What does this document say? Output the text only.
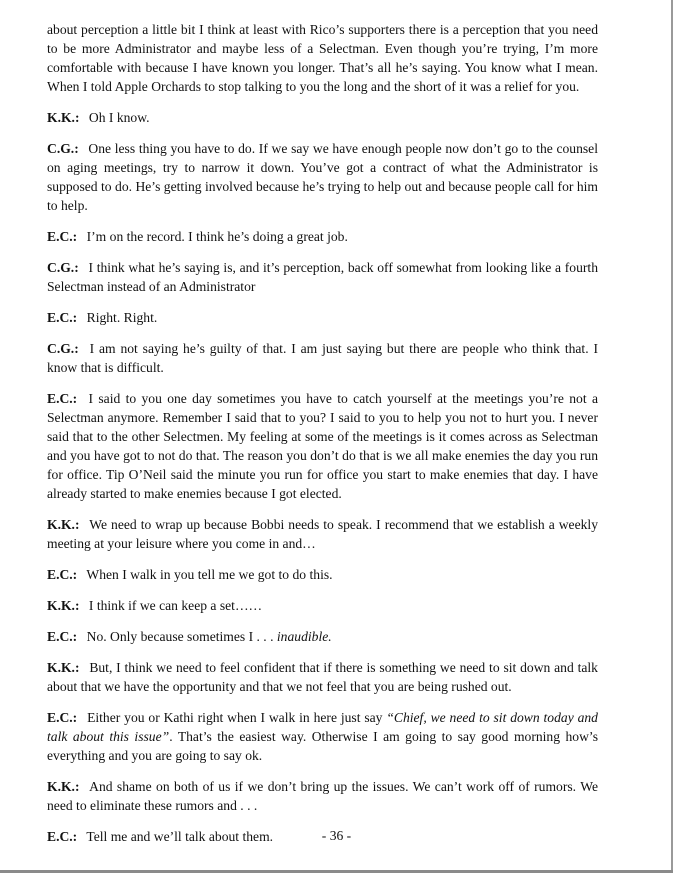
about perception a little bit I think at least with Rico’s supporters there is a perception that you need to be more Administrator and maybe less of a Selectman. Even though you’re trying, I’m more comfortable with because I have known you longer. That’s all he’s saying. You know what I mean. When I told Apple Orchards to stop talking to you the long and the short of it was a relief for you.

K.K.: Oh I know.

C.G.: One less thing you have to do. If we say we have enough people now don’t go to the counsel on aging meetings, try to narrow it down. You’ve got a contract of what the Administrator is supposed to do. He’s getting involved because he’s trying to help out and because people call for him to help.

E.C.: I’m on the record. I think he’s doing a great job.

C.G.: I think what he’s saying is, and it’s perception, back off somewhat from looking like a fourth Selectman instead of an Administrator

E.C.: Right. Right.

C.G.: I am not saying he’s guilty of that. I am just saying but there are people who think that. I know that is difficult.

E.C.: I said to you one day sometimes you have to catch yourself at the meetings you’re not a Selectman anymore. Remember I said that to you? I said to you to help you not to hurt you. I never said that to the other Selectmen. My feeling at some of the meetings is it comes across as Selectman and you have got to not do that. The reason you don’t do that is we all make enemies the day you run for office. Tip O’Neil said the minute you run for office you start to make enemies that day. I have already started to make enemies because I got elected.

K.K.: We need to wrap up because Bobbi needs to speak. I recommend that we establish a weekly meeting at your leisure where you come in and…

E.C.: When I walk in you tell me we got to do this.

K.K.: I think if we can keep a set……

E.C.: No. Only because sometimes I . . . inaudible.

K.K.: But, I think we need to feel confident that if there is something we need to sit down and talk about that we have the opportunity and that we not feel that you are being rushed out.

E.C.: Either you or Kathi right when I walk in here just say “Chief, we need to sit down today and talk about this issue”. That’s the easiest way. Otherwise I am going to say good morning how’s everything and you are going to say ok.

K.K.: And shame on both of us if we don’t bring up the issues. We can’t work off of rumors. We need to eliminate these rumors and . . .

E.C.: Tell me and we’ll talk about them.	- 36 -
